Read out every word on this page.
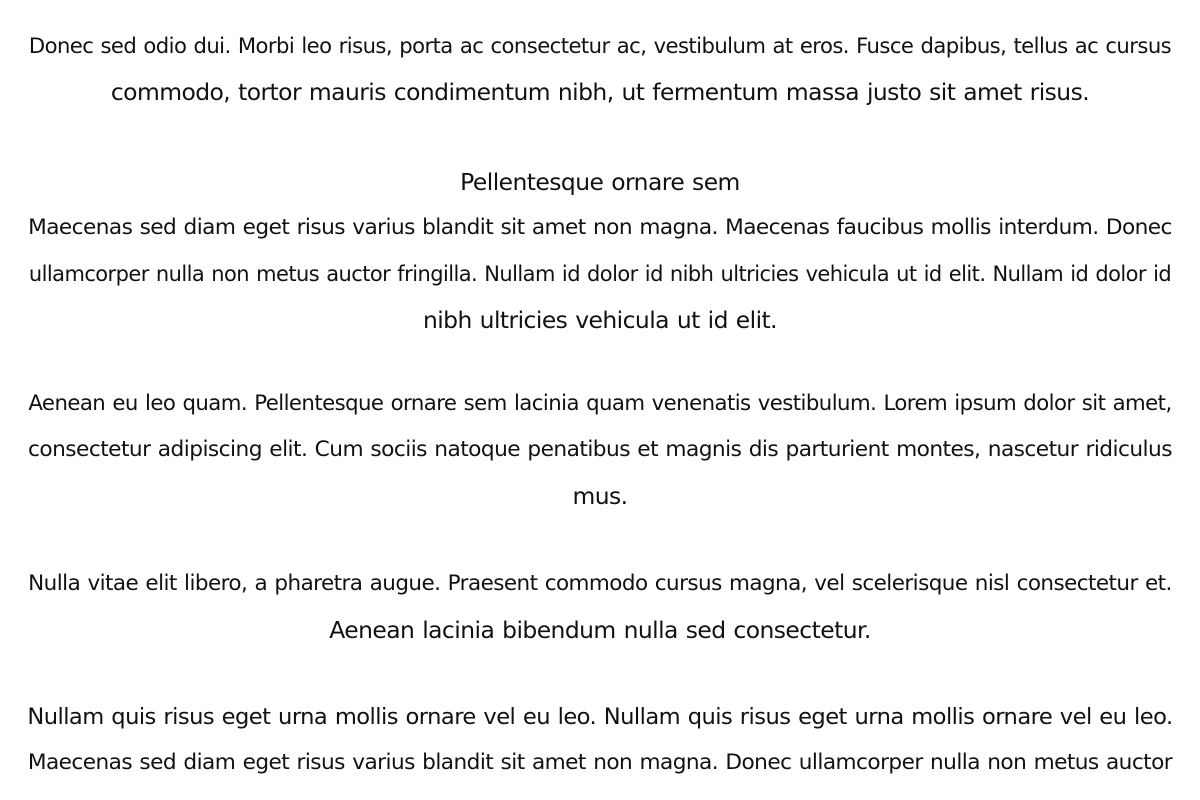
Donec sed odio dui. Morbi leo risus, porta ac consectetur ac, vestibulum at eros. Fusce dapibus, tellus ac cursus
commodo, tortor mauris condimentum nibh, ut fermentum massa justo sit amet risus.
Pellentesque ornare sem
Maecenas sed diam eget risus varius blandit sit amet non magna. Maecenas faucibus mollis interdum. Donec
ullamcorper nulla non metus auctor fringilla. Nullam id dolor id nibh ultricies vehicula ut id elit. Nullam id dolor id
nibh ultricies vehicula ut id elit.
Aenean eu leo quam. Pellentesque ornare sem lacinia quam venenatis vestibulum. Lorem ipsum dolor sit amet,
consectetur adipiscing elit. Cum sociis natoque penatibus et magnis dis parturient montes, nascetur ridiculus
mus.
Nulla vitae elit libero, a pharetra augue. Praesent commodo cursus magna, vel scelerisque nisl consectetur et.
Aenean lacinia bibendum nulla sed consectetur.
Nullam quis risus eget urna mollis ornare vel eu leo. Nullam quis risus eget urna mollis ornare vel eu leo.
Maecenas sed diam eget risus varius blandit sit amet non magna. Donec ullamcorper nulla non metus auctor
